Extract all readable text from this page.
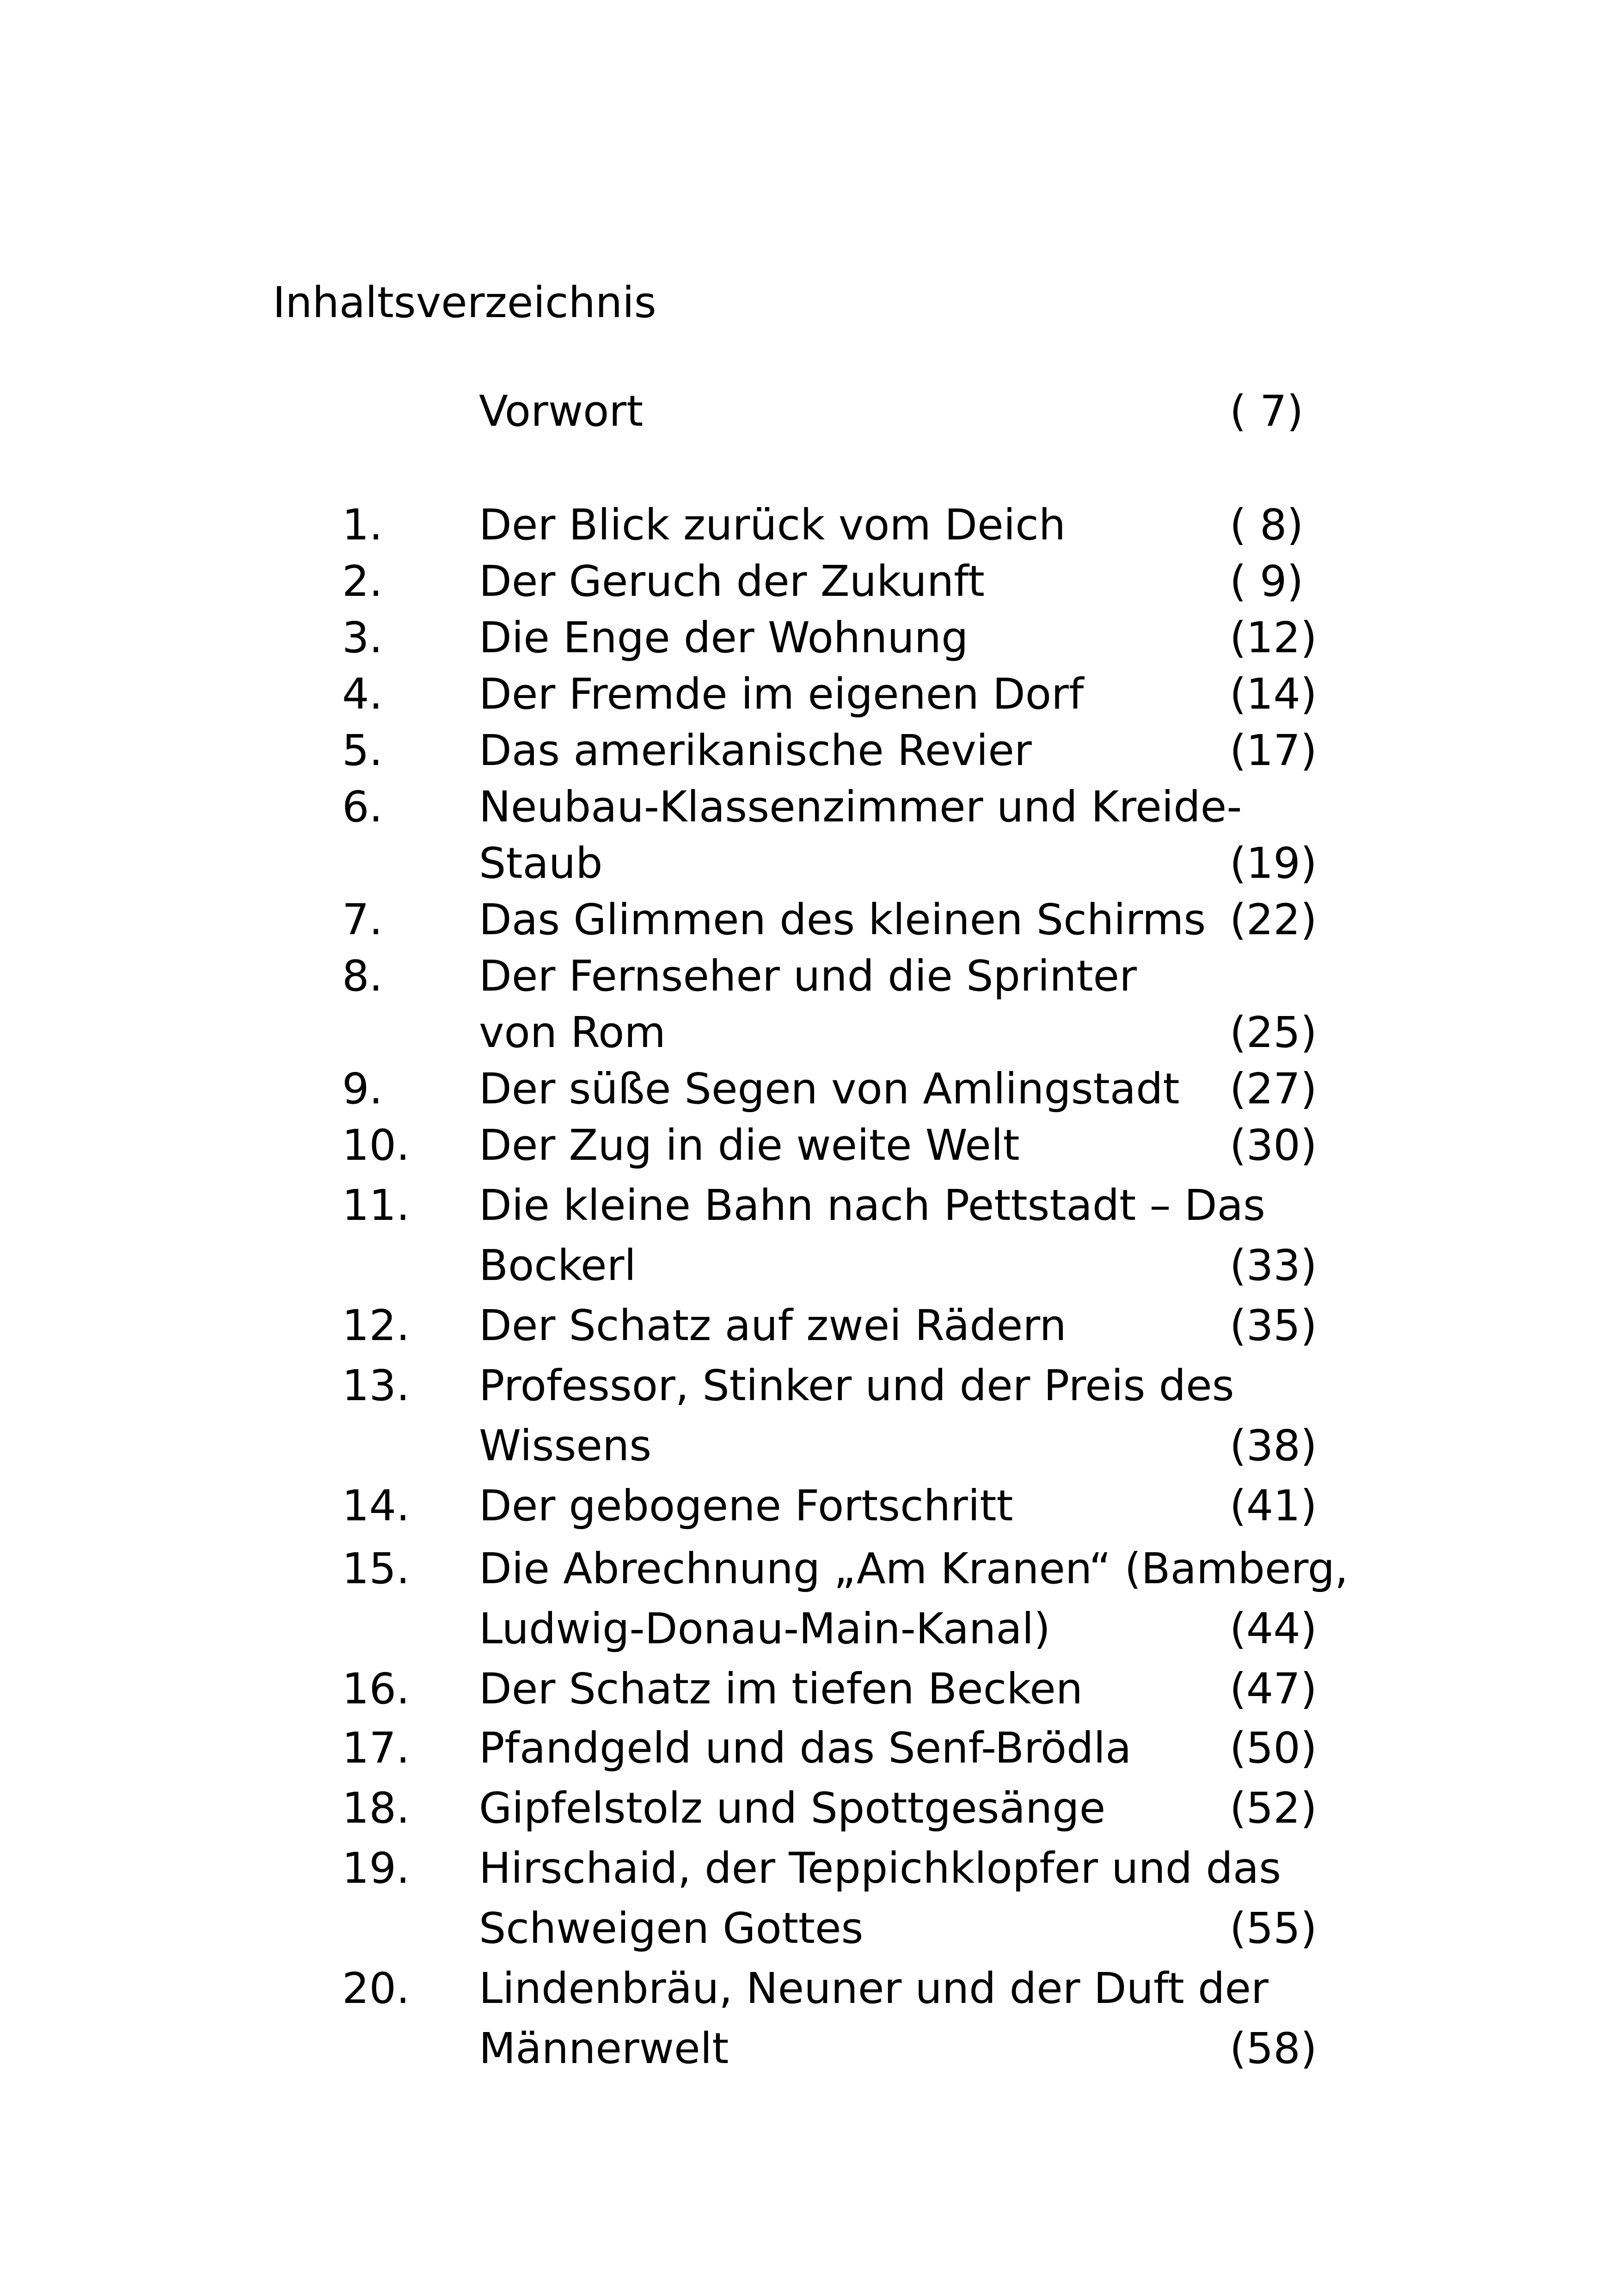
Inhaltsverzeichnis
Vorwort	( 7)
1. Der Blick zurück vom Deich	( 8)
2. Der Geruch der Zukunft	( 9)
3. Die Enge der Wohnung	(12)
4. Der Fremde im eigenen Dorf	(14)
5. Das amerikanische Revier	(17)
6. Neubau-Klassenzimmer und Kreide-
Staub	(19)
7. Das Glimmen des kleinen Schirms (22)
8. Der Fernseher und die Sprinter
von Rom	(25)
9. Der süße Segen von Amlingstadt (27)
10. Der Zug in die weite Welt	(30)
11. Die kleine Bahn nach Pettstadt – Das
Bockerl	(33)
12. Der Schatz auf zwei Rädern	(35)
13. Professor, Stinker und der Preis des
Wissens	(38)
14. Der gebogene Fortschritt	(41)
15. Die Abrechnung „Am Kranen“ (Bamberg,
Ludwig-Donau-Main-Kanal)	(44)
16. Der Schatz im tiefen Becken	(47)
17. Pfandgeld und das Senf-Brödla (50)
18. Gipfelstolz und Spottgesänge	(52)
19. Hirschaid, der Teppichklopfer und das
Schweigen Gottes	(55)
20. Lindenbräu, Neuner und der Duft der
Männerwelt	(58)
